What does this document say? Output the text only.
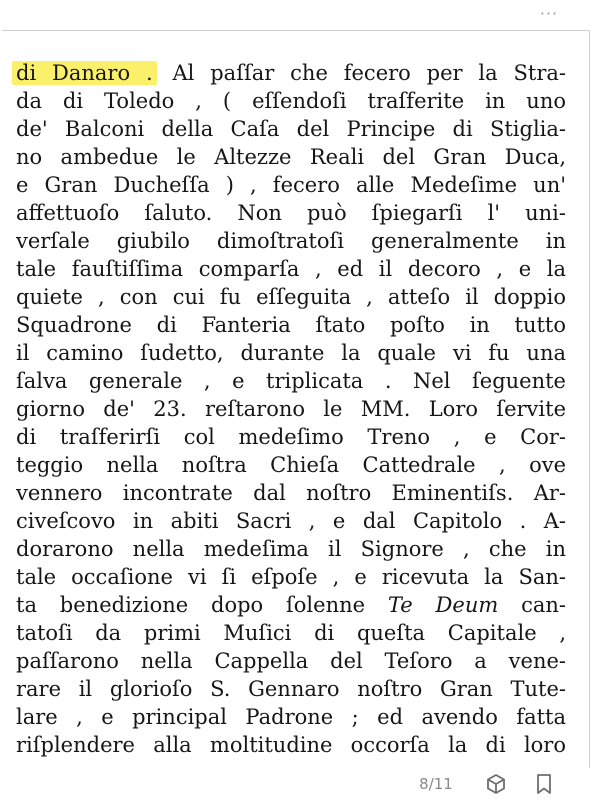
···
di Danaro . Al paſſar che fecero per la Stra-
da di Toledo , ( eſſendoſi traſferite in uno
de' Balconi della Caſa del Principe di Stiglia-
no ambedue le Altezze Reali del Gran Duca,
e Gran Ducheſſa ) , fecero alle Medeſime un'
affettuoſo ſaluto. Non può ſpiegarſi l' uni-
verſale giubilo dimoſtratoſi generalmente in
tale fauſtiſſima comparſa , ed il decoro , e la
quiete , con cui fu eſſeguita , atteſo il doppio
Squadrone di Fanteria ſtato poſto in tutto
il camino ſudetto, durante la quale vi fu una
ſalva generale , e triplicata . Nel ſeguente
giorno de' 23. reſtarono le MM. Loro ſervite
di traſferirſi col medeſimo Treno , e Cor-
teggio nella noſtra Chieſa Cattedrale , ove
vennero incontrate dal noſtro Eminentiſs. Ar-
civeſcovo in abiti Sacri , e dal Capitolo . A-
dorarono nella medeſima il Signore , che in
tale occaſione vi ſi eſpoſe , e ricevuta la San-
ta benedizione dopo ſolenne Te Deum can-
tatoſi da primi Muſici di queſta Capitale ,
paſſarono nella Cappella del Teſoro a vene-
rare il glorioſo S. Gennaro noſtro Gran Tute-
lare , e principal Padrone ; ed avendo fatta
riſplendere alla moltitudine occorſa la di loro
8/11
